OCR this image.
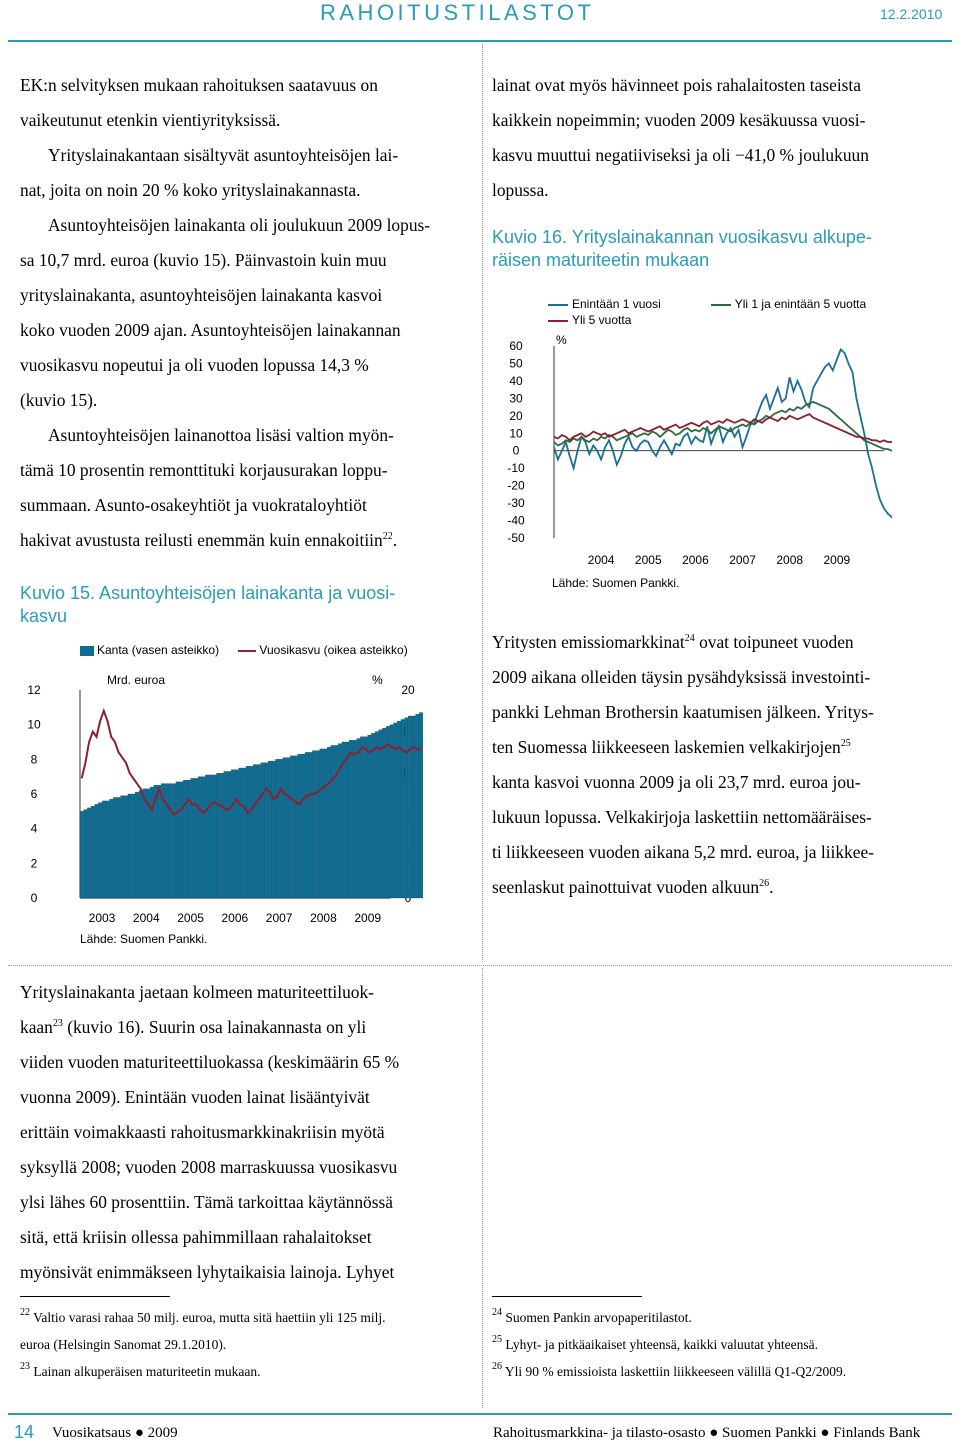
RAHOITUSTILASTOT	12.2.2010
EK:n selvityksen mukaan rahoituksen saatavuus on
vaikeutunut etenkin vientiyrityksissä.
Yrityslainakantaan sisältyvät asuntoyhteisöjen lai-
nat, joita on noin 20 % koko yrityslainakannasta.
Asuntoyhteisöjen lainakanta oli joulukuun 2009 lopus-
sa 10,7 mrd. euroa (kuvio 15). Päinvastoin kuin muu
yrityslainakanta, asuntoyhteisöjen lainakanta kasvoi
koko vuoden 2009 ajan. Asuntoyhteisöjen lainakannan
vuosikasvu nopeutui ja oli vuoden lopussa 14,3 %
(kuvio 15).
Asuntoyhteisöjen lainanottoa lisäsi valtion myön-
tämä 10 prosentin remonttituki korjausurakan loppu-
summaan. Asunto-osakeyhtiöt ja vuokrataloyhtiöt
hakivat avustusta reilusti enemmän kuin ennakoitiin$^{22}$.
Kuvio 15. Asuntoyhteisöjen lainakanta ja vuosi-
kasvu
Kanta (vasen asteikko)	Vuosikasvu (oikea asteikko)
0
2
4
6
8
10
12	20
2003 2004 2005 2006 2007 2008 2009
Mrd. euroa	%
Lähde: Suomen Pankki.
lainat ovat myös hävinneet pois rahalaitosten taseista
kaikkein nopeimmin; vuoden 2009 kesäkuussa vuosi-
kasvu muuttui negatiiviseksi ja oli −41,0 % joulukuun
lopussa.
Kuvio 16. Yrityslainakannan vuosikasvu alkupe-
räisen maturiteetin mukaan
Enintään 1 vuosi	Yli 1 ja enintään 5 vuotta
Yli 5 vuotta
60
50
40
30
20
10
0
-10
-20
-30
-40
-50
2004 2005 2006 2007 2008 2009
%
Lähde: Suomen Pankki.
Yritysten emissiomarkkinat$^{24}$ ovat toipuneet vuoden
2009 aikana olleiden täysin pysähdyksissä investointi-
pankki Lehman Brothersin kaatumisen jälkeen. Yritys-
ten Suomessa liikkeeseen laskemien velkakirjojen$^{25}$
kanta kasvoi vuonna 2009 ja oli 23,7 mrd. euroa jou-
lukuun lopussa. Velkakirjoja laskettiin nettomääräises-
ti liikkeeseen vuoden aikana 5,2 mrd. euroa, ja liikkee-
seenlaskut painottuivat vuoden alkuun$^{26}$.
Yrityslainakanta jaetaan kolmeen maturiteettiluok-
kaan$^{23}$ (kuvio 16). Suurin osa lainakannasta on yli
viiden vuoden maturiteettiluokassa (keskimäärin 65 %
vuonna 2009). Enintään vuoden lainat lisääntyivät
erittäin voimakkaasti rahoitusmarkkinakriisin myötä
syksyllä 2008; vuoden 2008 marraskuussa vuosikasvu
ylsi lähes 60 prosenttiin. Tämä tarkoittaa käytännössä
sitä, että kriisin ollessa pahimmillaan rahalaitokset
myönsivät enimmäkseen lyhytaikaisia lainoja. Lyhyet
$^{22}$ Valtio varasi rahaa 50 milj. euroa, mutta sitä haettiin yli 125 milj.
euroa (Helsingin Sanomat 29.1.2010).
$^{23}$ Lainan alkuperäisen maturiteetin mukaan.
$^{24}$ Suomen Pankin arvopaperitilastot.
$^{25}$ Lyhyt- ja pitkäaikaiset yhteensä, kaikki valuutat yhteensä.
$^{26}$ Yli 90 % emissioista laskettiin liikkeeseen välillä Q1-Q2/2009.
14 Vuosikatsaus ● 2009	Rahoitusmarkkina- ja tilasto-osasto ● Suomen Pankki ● Finlands Bank
